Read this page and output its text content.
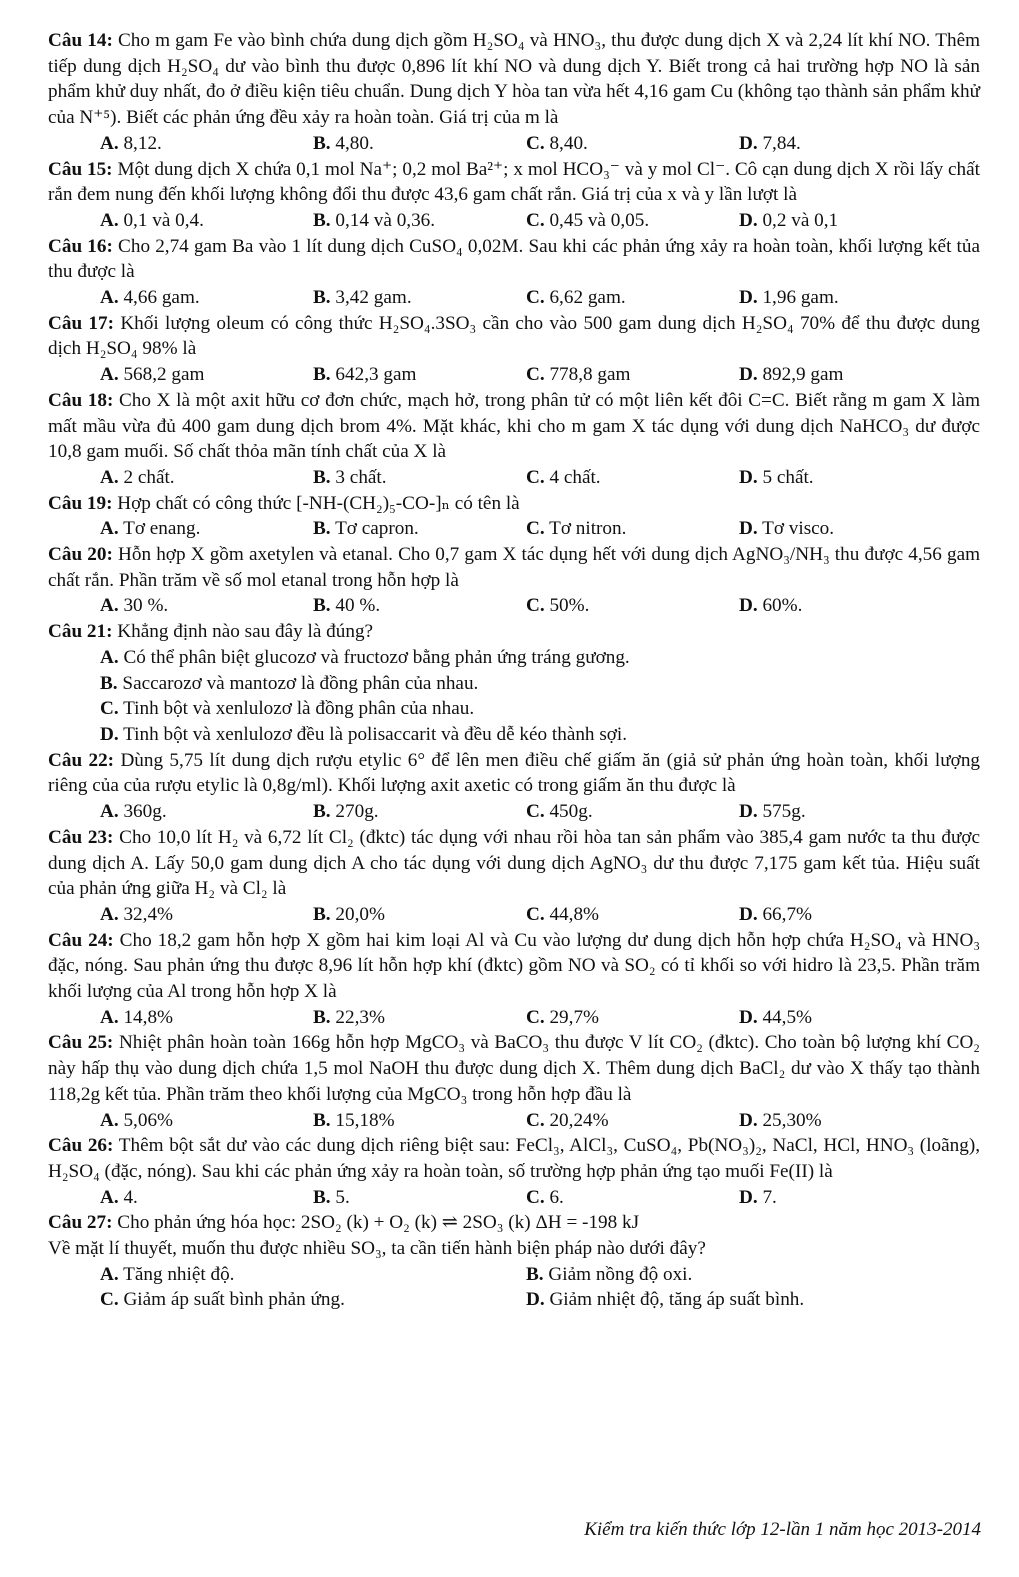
Câu 14: Cho m gam Fe vào bình chứa dung dịch gồm H₂SO₄ và HNO₃, thu được dung dịch X và 2,24 lít khí NO. Thêm tiếp dung dịch H₂SO₄ dư vào bình thu được 0,896 lít khí NO và dung dịch Y. Biết trong cả hai trường hợp NO là sản phẩm khử duy nhất, đo ở điều kiện tiêu chuẩn. Dung dịch Y hòa tan vừa hết 4,16 gam Cu (không tạo thành sản phẩm khử của N⁺⁵). Biết các phản ứng đều xảy ra hoàn toàn. Giá trị của m là
A. 8,12.	B. 4,80.	C. 8,40.	D. 7,84.
Câu 15: Một dung dịch X chứa 0,1 mol Na⁺; 0,2 mol Ba²⁺; x mol HCO₃⁻ và y mol Cl⁻. Cô cạn dung dịch X rồi lấy chất rắn đem nung đến khối lượng không đổi thu được 43,6 gam chất rắn. Giá trị của x và y lần lượt là
A. 0,1 và 0,4.	B. 0,14 và 0,36.	C. 0,45 và 0,05.	D. 0,2 và 0,1
Câu 16: Cho 2,74 gam Ba vào 1 lít dung dịch CuSO₄ 0,02M. Sau khi các phản ứng xảy ra hoàn toàn, khối lượng kết tủa thu được là
A. 4,66 gam.	B. 3,42 gam.	C. 6,62 gam.	D. 1,96 gam.
Câu 17: Khối lượng oleum có công thức H₂SO₄.3SO₃ cần cho vào 500 gam dung dịch H₂SO₄ 70% để thu được dung dịch H₂SO₄ 98% là
A. 568,2 gam	B. 642,3 gam	C. 778,8 gam	D. 892,9 gam
Câu 18: Cho X là một axit hữu cơ đơn chức, mạch hở, trong phân tử có một liên kết đôi C=C. Biết rằng m gam X làm mất mầu vừa đủ 400 gam dung dịch brom 4%. Mặt khác, khi cho m gam X tác dụng với dung dịch NaHCO₃ dư được 10,8 gam muối. Số chất thỏa mãn tính chất của X là
A. 2 chất.	B. 3 chất.	C. 4 chất.	D. 5 chất.
Câu 19: Hợp chất có công thức [-NH-(CH₂)₅-CO-]ₙ có tên là
A. Tơ enang.	B. Tơ capron.	C. Tơ nitron.	D. Tơ visco.
Câu 20: Hỗn hợp X gồm axetylen và etanal. Cho 0,7 gam X tác dụng hết với dung dịch AgNO₃/NH₃ thu được 4,56 gam chất rắn. Phần trăm về số mol etanal trong hỗn hợp là
A. 30 %.	B. 40 %.	C. 50%.	D. 60%.
Câu 21: Khẳng định nào sau đây là đúng?
A. Có thể phân biệt glucozơ và fructozơ bằng phản ứng tráng gương.
B. Saccarozơ và mantozơ là đồng phân của nhau.
C. Tinh bột và xenlulozơ là đồng phân của nhau.
D. Tinh bột và xenlulozơ đều là polisaccarit và đều dễ kéo thành sợi.
Câu 22: Dùng 5,75 lít dung dịch rượu etylic 6° để lên men điều chế giấm ăn (giả sử phản ứng hoàn toàn, khối lượng riêng của của rượu etylic là 0,8g/ml). Khối lượng axit axetic có trong giấm ăn thu được là
A. 360g.	B. 270g.	C. 450g.	D. 575g.
Câu 23: Cho 10,0 lít H₂ và 6,72 lít Cl₂ (đktc) tác dụng với nhau rồi hòa tan sản phẩm vào 385,4 gam nước ta thu được dung dịch A. Lấy 50,0 gam dung dịch A cho tác dụng với dung dịch AgNO₃ dư thu được 7,175 gam kết tủa. Hiệu suất của phản ứng giữa H₂ và Cl₂ là
A. 32,4%	B. 20,0%	C. 44,8%	D. 66,7%
Câu 24: Cho 18,2 gam hỗn hợp X gồm hai kim loại Al và Cu vào lượng dư dung dịch hỗn hợp chứa H₂SO₄ và HNO₃ đặc, nóng. Sau phản ứng thu được 8,96 lít hỗn hợp khí (đktc) gồm NO và SO₂ có tỉ khối so với hidro là 23,5. Phần trăm khối lượng của Al trong hỗn hợp X là
A. 14,8%	B. 22,3%	C. 29,7%	D. 44,5%
Câu 25: Nhiệt phân hoàn toàn 166g hỗn hợp MgCO₃ và BaCO₃ thu được V lít CO₂ (đktc). Cho toàn bộ lượng khí CO₂ này hấp thụ vào dung dịch chứa 1,5 mol NaOH thu được dung dịch X. Thêm dung dịch BaCl₂ dư vào X thấy tạo thành 118,2g kết tủa. Phần trăm theo khối lượng của MgCO₃ trong hỗn hợp đầu là
A. 5,06%	B. 15,18%	C. 20,24%	D. 25,30%
Câu 26: Thêm bột sắt dư vào các dung dịch riêng biệt sau: FeCl₃, AlCl₃, CuSO₄, Pb(NO₃)₂, NaCl, HCl, HNO₃ (loãng), H₂SO₄ (đặc, nóng). Sau khi các phản ứng xảy ra hoàn toàn, số trường hợp phản ứng tạo muối Fe(II) là
A. 4.	B. 5.	C. 6.	D. 7.
Câu 27: Cho phản ứng hóa học: 2SO₂ (k) + O₂ (k) ⇌ 2SO₃ (k) ΔH = -198 kJ
Về mặt lí thuyết, muốn thu được nhiều SO₃, ta cần tiến hành biện pháp nào dưới đây?
A. Tăng nhiệt độ.	B. Giảm nồng độ oxi.
C. Giảm áp suất bình phản ứng.	D. Giảm nhiệt độ, tăng áp suất bình.
Kiểm tra kiến thức lớp 12-lần 1 năm học 2013-2014
